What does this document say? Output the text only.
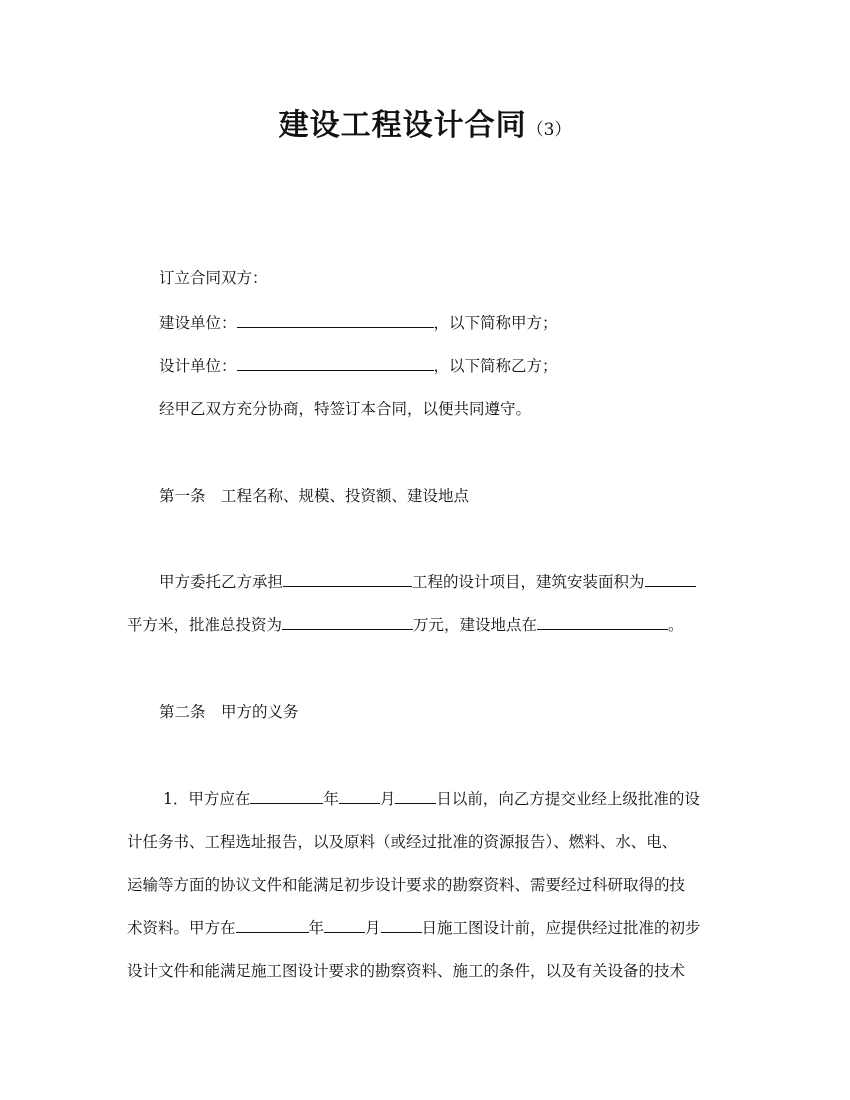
建设工程设计合同（3）
订立合同双方：
建设单位：	，以下简称甲方；
设计单位：	，以下简称乙方；
经甲乙双方充分协商，特签订本合同，以便共同遵守。
第一条　工程名称、规模、投资额、建设地点
甲方委托乙方承担	工程的设计项目，建筑安装面积为
平方米，批准总投资为	万元，建设地点在	。
第二条　甲方的义务
1．甲方应在	年	月	日以前，向乙方提交业经上级批准的设
计任务书、工程选址报告，以及原料（或经过批准的资源报告）、燃料、水、电、
运输等方面的协议文件和能满足初步设计要求的勘察资料、需要经过科研取得的技
术资料。甲方在	年	月	日施工图设计前，应提供经过批准的初步
设计文件和能满足施工图设计要求的勘察资料、施工的条件，以及有关设备的技术
